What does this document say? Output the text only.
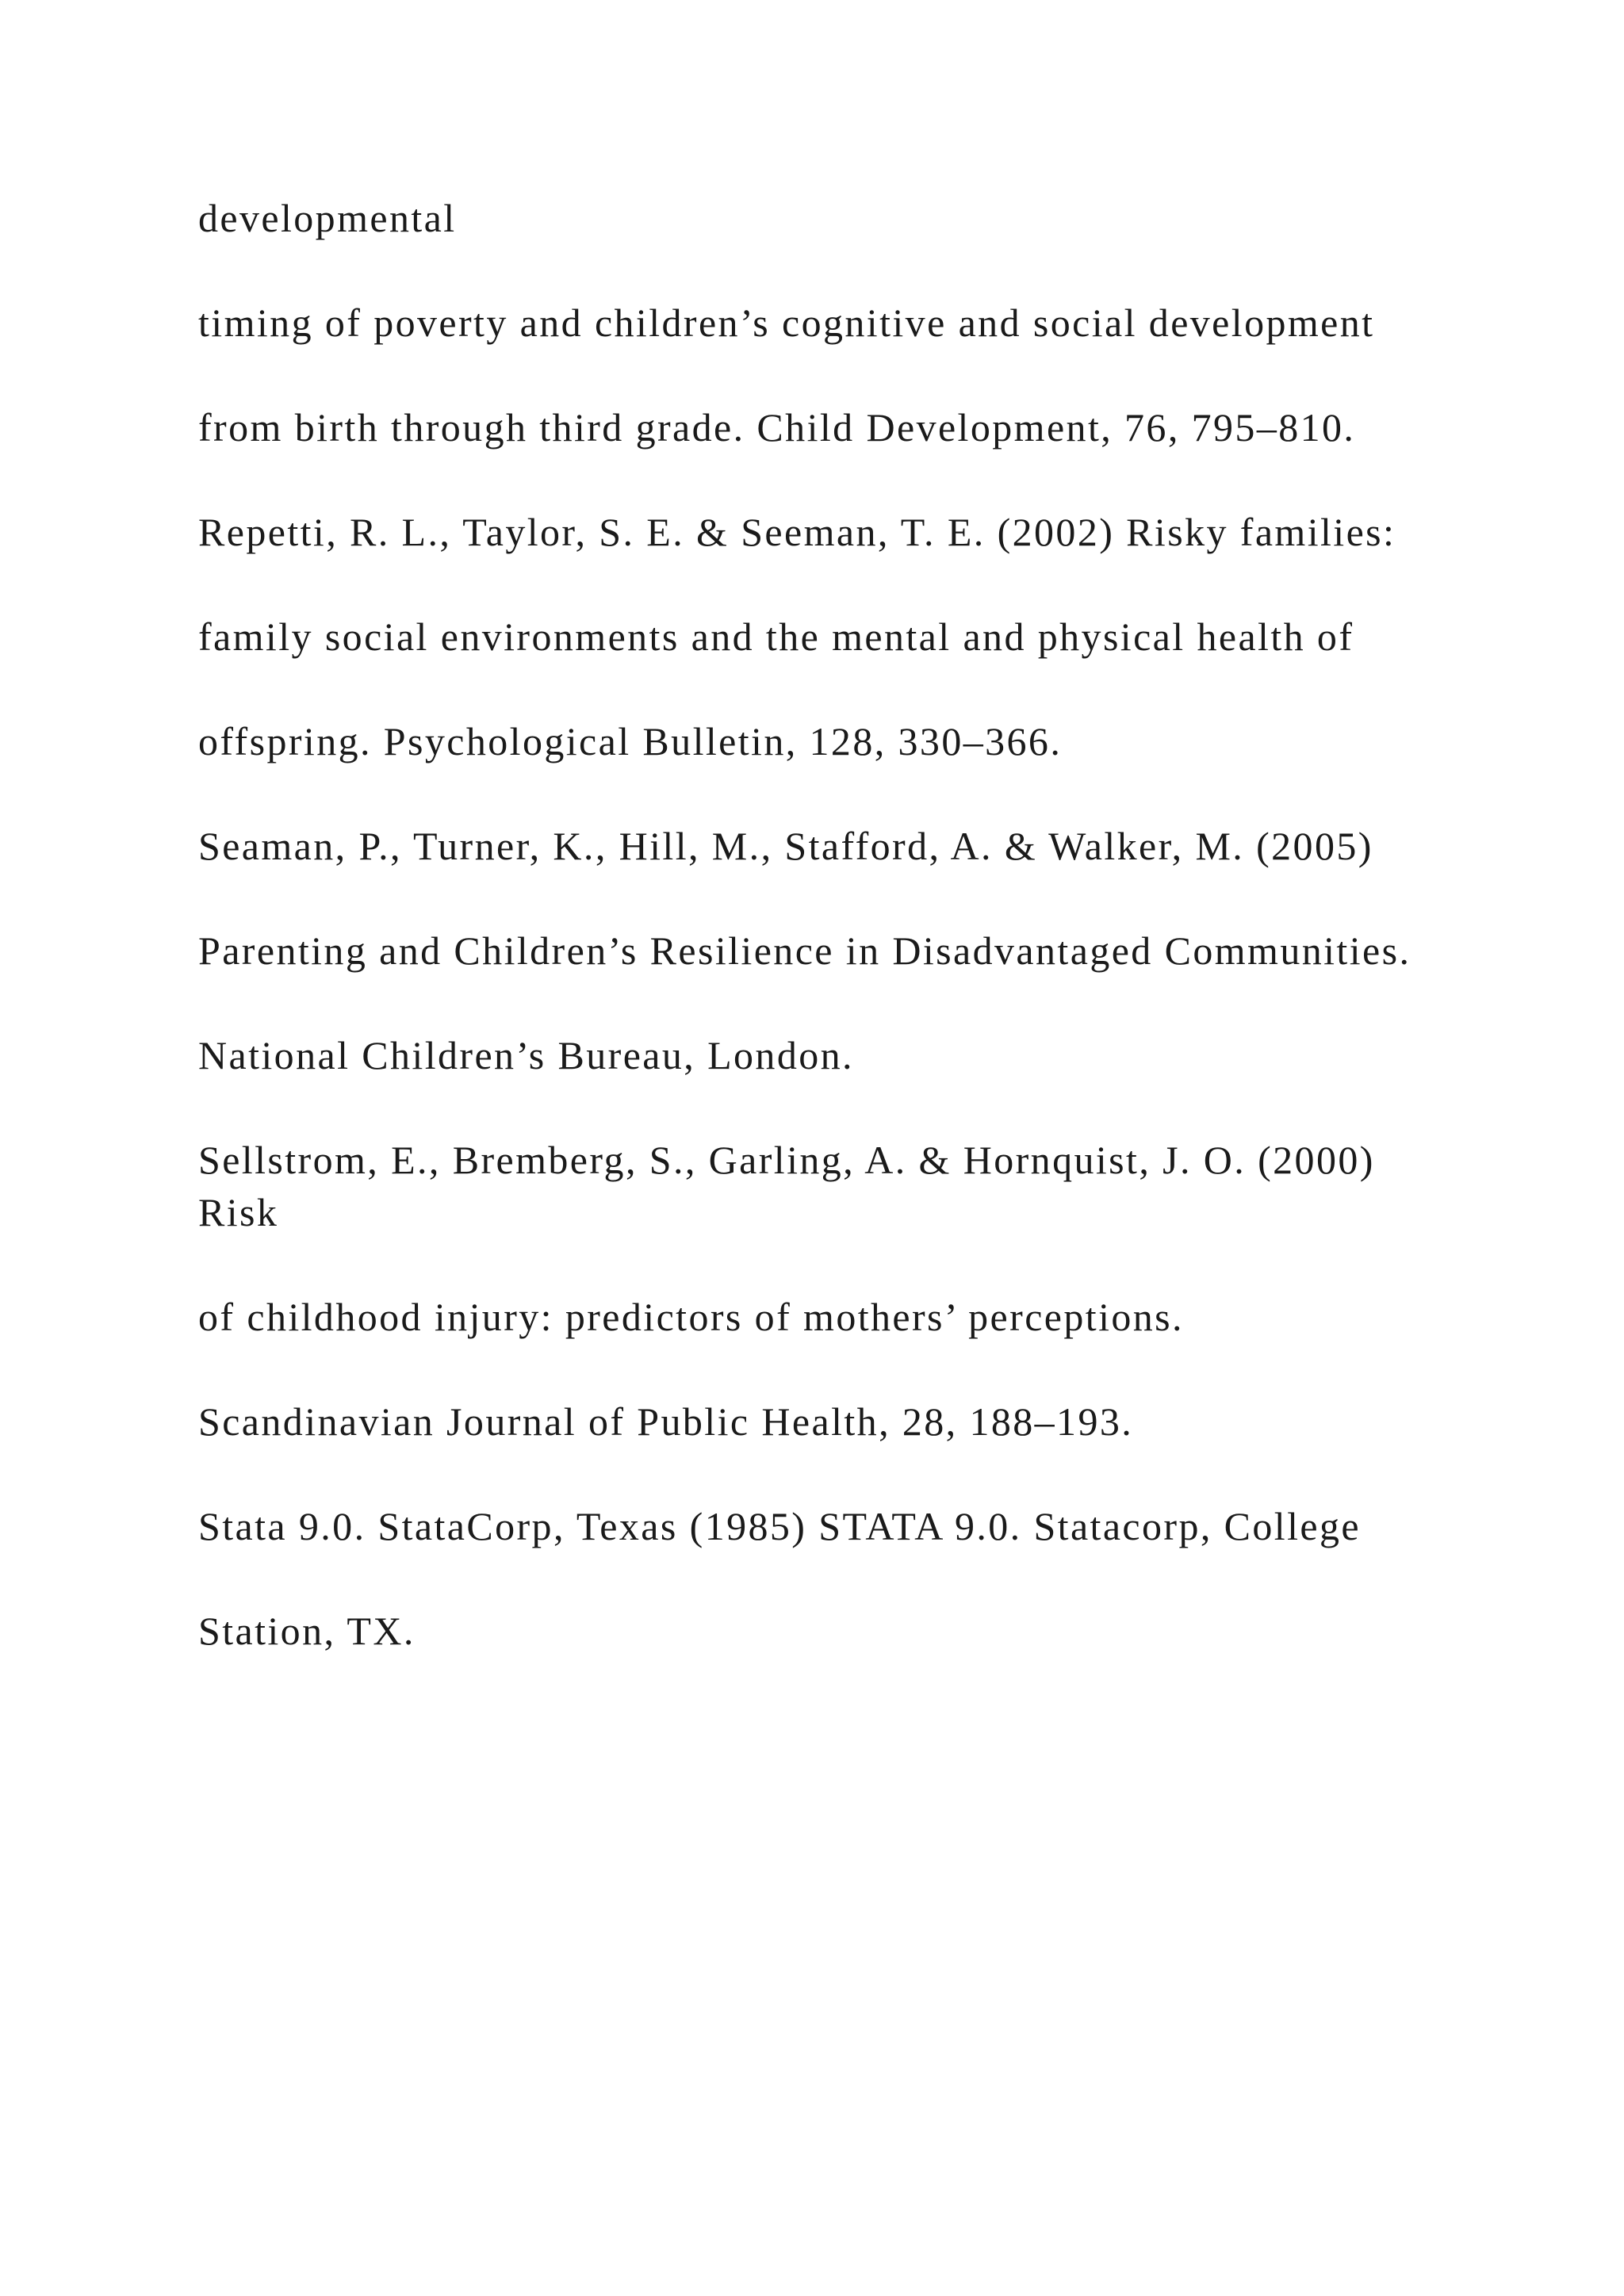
developmental

timing of poverty and children’s cognitive and social development

from birth through third grade. Child Development, 76, 795–810.

Repetti, R. L., Taylor, S. E. & Seeman, T. E. (2002) Risky families:

family social environments and the mental and physical health of

offspring. Psychological Bulletin, 128, 330–366.

Seaman, P., Turner, K., Hill, M., Stafford, A. & Walker, M. (2005)

Parenting and Children’s Resilience in Disadvantaged Communities.

National Children’s Bureau, London.

Sellstrom, E., Bremberg, S., Garling, A. & Hornquist, J. O. (2000) Risk

of childhood injury: predictors of mothers’ perceptions.

Scandinavian Journal of Public Health, 28, 188–193.

Stata 9.0. StataCorp, Texas (1985) STATA 9.0. Statacorp, College

Station, TX.
